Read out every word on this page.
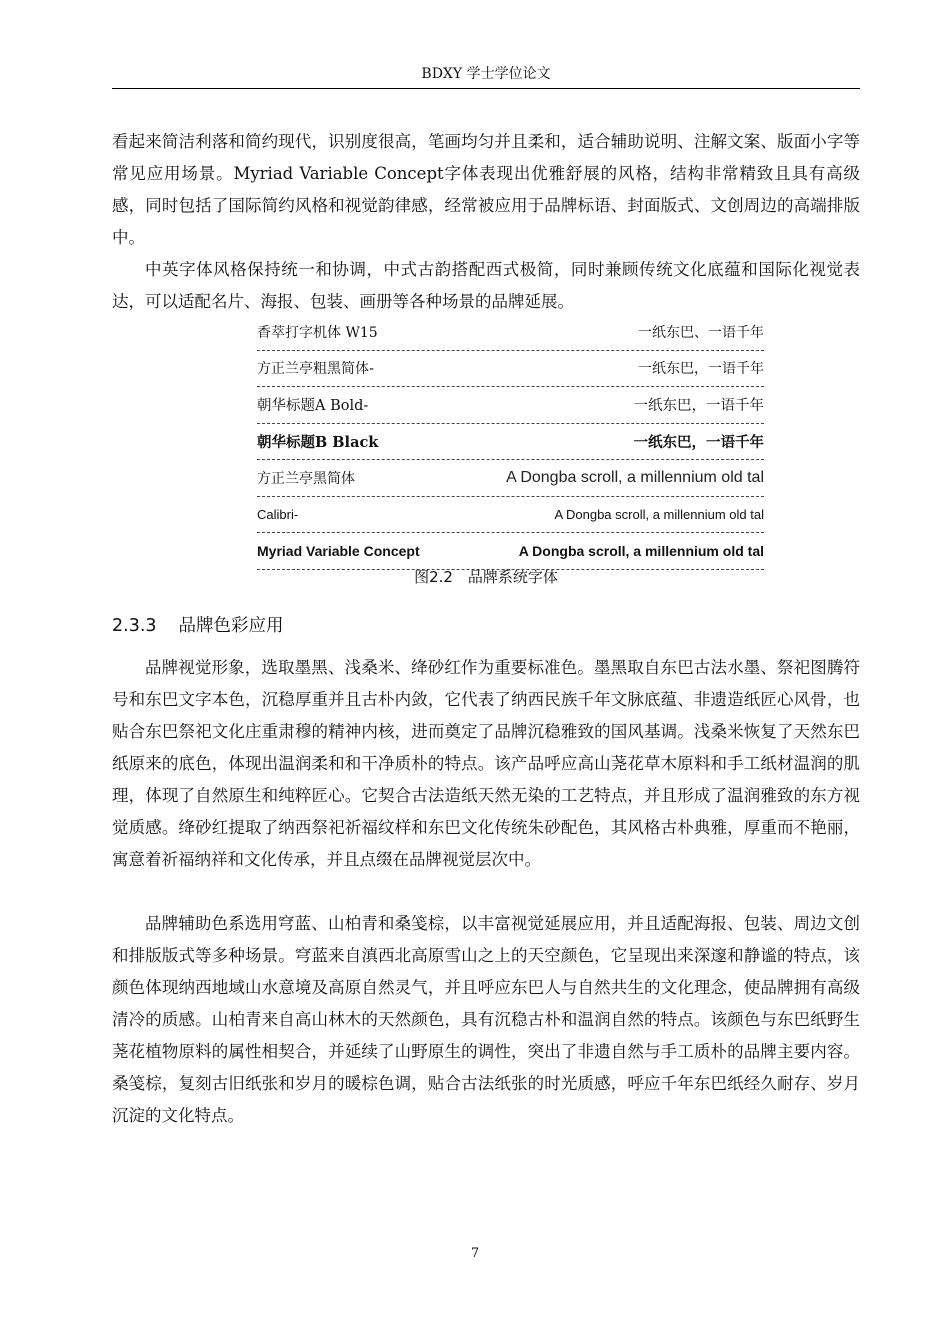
BDXY 学士学位论文

看起来简洁利落和简约现代，识别度很高，笔画均匀并且柔和，适合辅助说明、注解文案、版面小字等常见应用场景。Myriad Variable Concept字体表现出优雅舒展的风格，结构非常精致且具有高级感，同时包括了国际简约风格和视觉韵律感，经常被应用于品牌标语、封面版式、文创周边的高端排版中。

中英字体风格保持统一和协调，中式古韵搭配西式极简，同时兼顾传统文化底蕴和国际化视觉表达，可以适配名片、海报、包装、画册等各种场景的品牌延展。

香萃打字机体 W15	一纸东巴、一语千年
方正兰亭粗黑简体-	一纸东巴，一语千年
朝华标题A Bold-	一纸东巴，一语千年
朝华标题B Black	一纸东巴，一语千年
方正兰亭黑简体	A Dongba scroll, a millennium old tal
Calibri-	A Dongba scroll, a millennium old tal
Myriad Variable Concept	A Dongba scroll, a millennium old tal
图2.2　品牌系统字体
2.3.3 品牌色彩应用

品牌视觉形象，选取墨黑、浅桑米、绛砂红作为重要标准色。墨黑取自东巴古法水墨、祭祀图腾符号和东巴文字本色，沉稳厚重并且古朴内敛，它代表了纳西民族千年文脉底蕴、非遗造纸匠心风骨，也贴合东巴祭祀文化庄重肃穆的精神内核，进而奠定了品牌沉稳雅致的国风基调。浅桑米恢复了天然东巴纸原来的底色，体现出温润柔和和干净质朴的特点。该产品呼应高山荛花草木原料和手工纸材温润的肌理，体现了自然原生和纯粹匠心。它契合古法造纸天然无染的工艺特点，并且形成了温润雅致的东方视觉质感。绛砂红提取了纳西祭祀祈福纹样和东巴文化传统朱砂配色，其风格古朴典雅，厚重而不艳丽，寓意着祈福纳祥和文化传承，并且点缀在品牌视觉层次中。

品牌辅助色系选用穹蓝、山柏青和桑笺棕，以丰富视觉延展应用，并且适配海报、包装、周边文创和排版版式等多种场景。穹蓝来自滇西北高原雪山之上的天空颜色，它呈现出来深邃和静谧的特点，该颜色体现纳西地域山水意境及高原自然灵气，并且呼应东巴人与自然共生的文化理念，使品牌拥有高级清冷的质感。山柏青来自高山林木的天然颜色，具有沉稳古朴和温润自然的特点。该颜色与东巴纸野生荛花植物原料的属性相契合，并延续了山野原生的调性，突出了非遗自然与手工质朴的品牌主要内容。桑笺棕，复刻古旧纸张和岁月的暖棕色调，贴合古法纸张的时光质感，呼应千年东巴纸经久耐存、岁月沉淀的文化特点。

7
